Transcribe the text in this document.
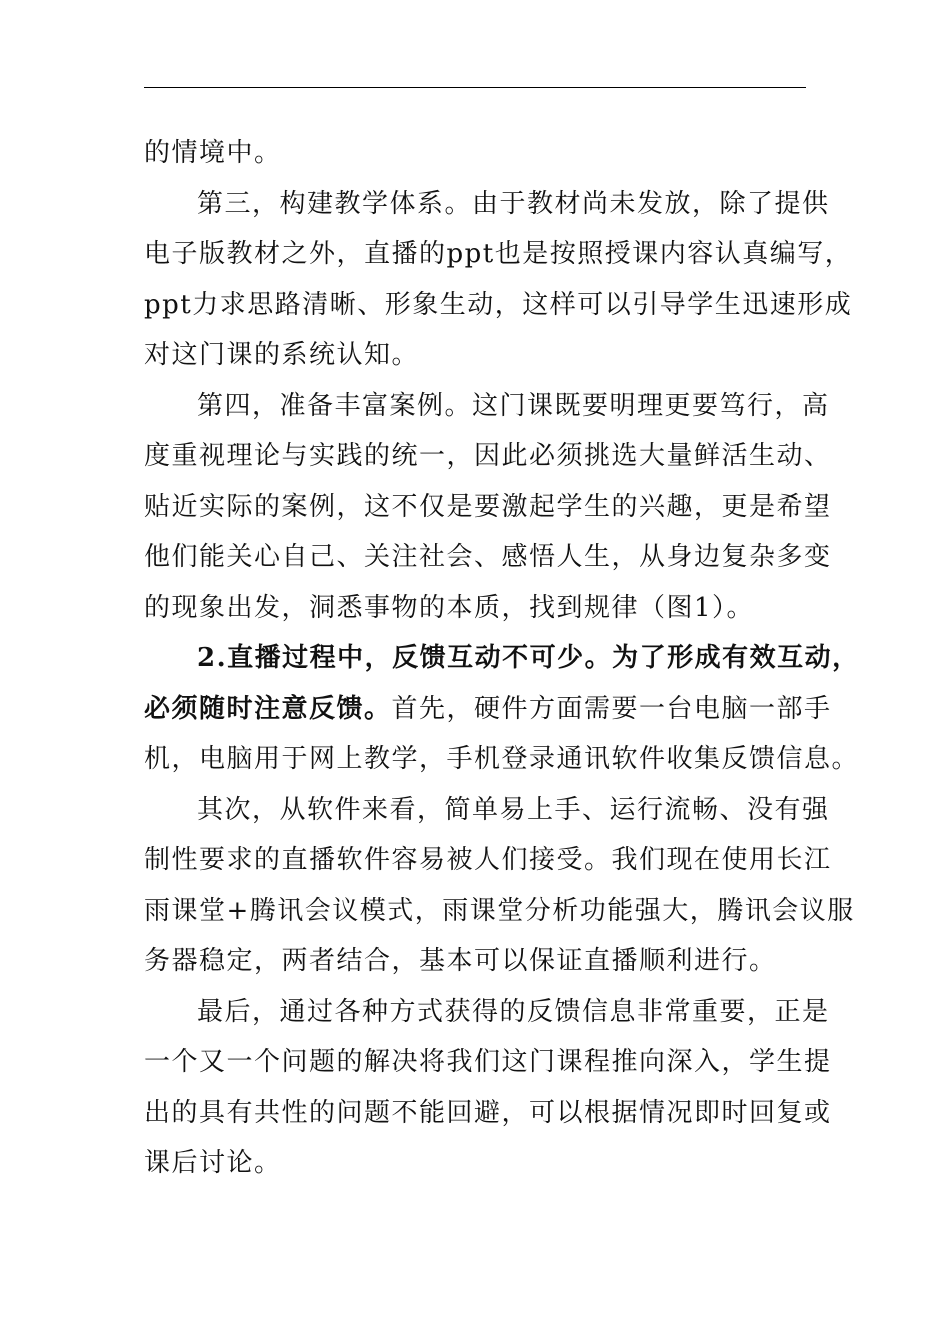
的情境中。
第三，构建教学体系。由于教材尚未发放，除了提供
电子版教材之外，直播的ppt也是按照授课内容认真编写，
ppt力求思路清晰、形象生动，这样可以引导学生迅速形成
对这门课的系统认知。
第四，准备丰富案例。这门课既要明理更要笃行，高
度重视理论与实践的统一，因此必须挑选大量鲜活生动、
贴近实际的案例，这不仅是要激起学生的兴趣，更是希望
他们能关心自己、关注社会、感悟人生，从身边复杂多变
的现象出发，洞悉事物的本质，找到规律（图1）。
2.直播过程中，反馈互动不可少。为了形成有效互动，
必须随时注意反馈。首先，硬件方面需要一台电脑一部手
机，电脑用于网上教学，手机登录通讯软件收集反馈信息。
其次，从软件来看，简单易上手、运行流畅、没有强
制性要求的直播软件容易被人们接受。我们现在使用长江
雨课堂+腾讯会议模式，雨课堂分析功能强大，腾讯会议服
务器稳定，两者结合，基本可以保证直播顺利进行。
最后，通过各种方式获得的反馈信息非常重要，正是
一个又一个问题的解决将我们这门课程推向深入，学生提
出的具有共性的问题不能回避，可以根据情况即时回复或
课后讨论。
